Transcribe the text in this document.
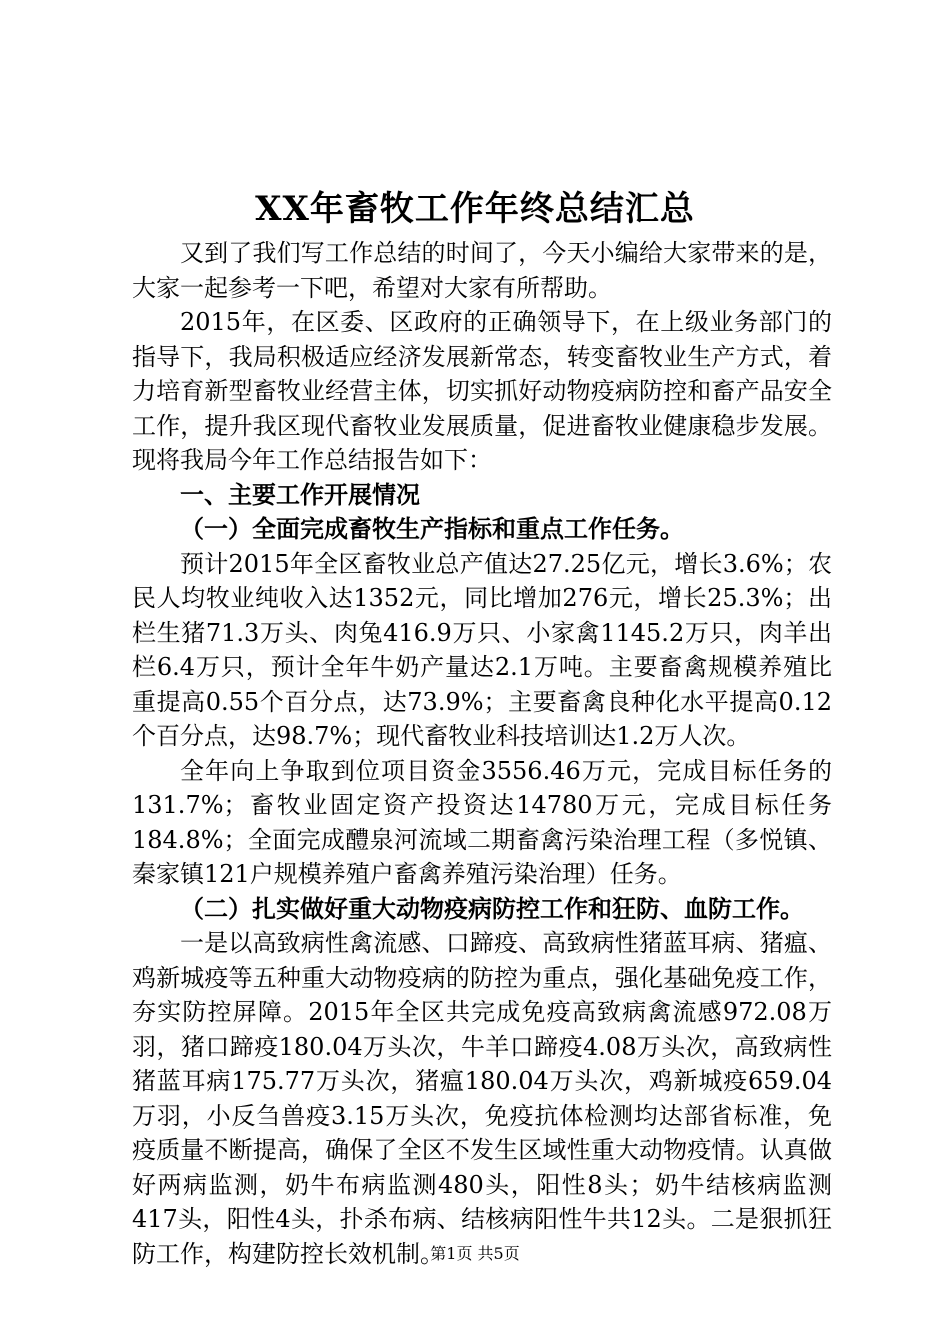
XX年畜牧工作年终总结汇总

又到了我们写工作总结的时间了，今天小编给大家带来的是，大家一起参考一下吧，希望对大家有所帮助。

2015年，在区委、区政府的正确领导下，在上级业务部门的指导下，我局积极适应经济发展新常态，转变畜牧业生产方式，着力培育新型畜牧业经营主体，切实抓好动物疫病防控和畜产品安全工作，提升我区现代畜牧业发展质量，促进畜牧业健康稳步发展。现将我局今年工作总结报告如下：

一、主要工作开展情况

（一）全面完成畜牧生产指标和重点工作任务。

预计2015年全区畜牧业总产值达27.25亿元，增长3.6%；农民人均牧业纯收入达1352元，同比增加276元，增长25.3%；出栏生猪71.3万头、肉兔416.9万只、小家禽1145.2万只，肉羊出栏6.4万只，预计全年牛奶产量达2.1万吨。主要畜禽规模养殖比重提高0.55个百分点，达73.9%；主要畜禽良种化水平提高0.12个百分点，达98.7%；现代畜牧业科技培训达1.2万人次。

全年向上争取到位项目资金3556.46万元，完成目标任务的131.7%；畜牧业固定资产投资达14780万元，完成目标任务184.8%；全面完成醴泉河流域二期畜禽污染治理工程（多悦镇、秦家镇121户规模养殖户畜禽养殖污染治理）任务。

（二）扎实做好重大动物疫病防控工作和狂防、血防工作。

一是以高致病性禽流感、口蹄疫、高致病性猪蓝耳病、猪瘟、鸡新城疫等五种重大动物疫病的防控为重点，强化基础免疫工作，夯实防控屏障。2015年全区共完成免疫高致病禽流感972.08万羽，猪口蹄疫180.04万头次，牛羊口蹄疫4.08万头次，高致病性猪蓝耳病175.77万头次，猪瘟180.04万头次，鸡新城疫659.04万羽，小反刍兽疫3.15万头次，免疫抗体检测均达部省标准，免疫质量不断提高，确保了全区不发生区域性重大动物疫情。认真做好两病监测，奶牛布病监测480头，阳性8头；奶牛结核病监测417头，阳性4头，扑杀布病、结核病阳性牛共12头。二是狠抓狂防工作，构建防控长效机制。

第1页 共5页
